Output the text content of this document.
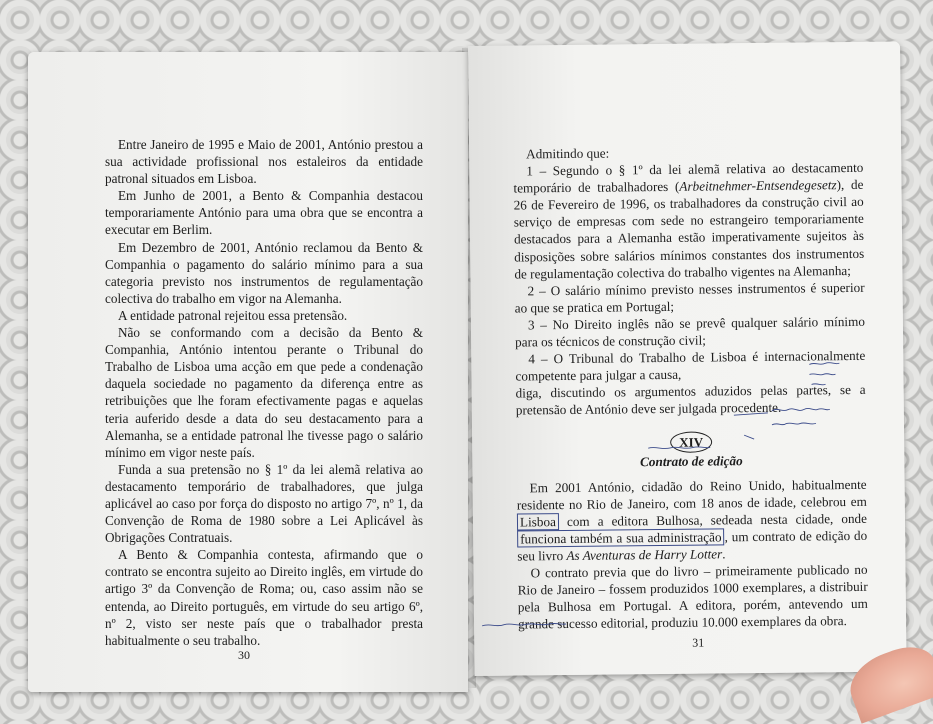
Entre Janeiro de 1995 e Maio de 2001, António prestou a sua actividade profissional nos estaleiros da entidade patronal situados em Lisboa.

Em Junho de 2001, a Bento & Companhia destacou temporariamente António para uma obra que se encontra a executar em Berlim.

Em Dezembro de 2001, António reclamou da Bento & Companhia o pagamento do salário mínimo para a sua categoria previsto nos instrumentos de regulamentação colectiva do trabalho em vigor na Alemanha.

A entidade patronal rejeitou essa pretensão.

Não se conformando com a decisão da Bento & Companhia, António intentou perante o Tribunal do Trabalho de Lisboa uma acção em que pede a condenação daquela sociedade no pagamento da diferença entre as retribuições que lhe foram efectivamente pagas e aquelas teria auferido desde a data do seu destacamento para a Alemanha, se a entidade patronal lhe tivesse pago o salário mínimo em vigor neste país.

Funda a sua pretensão no § 1º da lei alemã relativa ao destacamento temporário de trabalhadores, que julga aplicável ao caso por força do disposto no artigo 7º, nº 1, da Convenção de Roma de 1980 sobre a Lei Aplicável às Obrigações Contratuais.

A Bento & Companhia contesta, afirmando que o contrato se encontra sujeito ao Direito inglês, em virtude do artigo 3º da Convenção de Roma; ou, caso assim não se entenda, ao Direito português, em virtude do seu artigo 6º, nº 2, visto ser neste país que o trabalhador presta habitualmente o seu trabalho.

30

Admitindo que:

1 – Segundo o § 1º da lei alemã relativa ao destacamento temporário de trabalhadores (Arbeitnehmer-Entsendegesetz), de 26 de Fevereiro de 1996, os trabalhadores da construção civil ao serviço de empresas com sede no estrangeiro temporariamente destacados para a Alemanha estão imperativamente sujeitos às disposições sobre salários mínimos constantes dos instrumentos de regulamentação colectiva do trabalho vigentes na Alemanha;

2 – O salário mínimo previsto nesses instrumentos é superior ao que se pratica em Portugal;

3 – No Direito inglês não se prevê qualquer salário mínimo para os técnicos de construção civil;

4 – O Tribunal do Trabalho de Lisboa é internacionalmente competente para julgar a causa,

diga, discutindo os argumentos aduzidos pelas partes, se a pretensão de António deve ser julgada procedente.

XIV
Contrato de edição

Em 2001 António, cidadão do Reino Unido, habitualmente residente no Rio de Janeiro, com 18 anos de idade, celebrou em Lisboa com a editora Bulhosa, sedeada nesta cidade, onde funciona também a sua administração , um contrato de edição do seu livro As Aventuras de Harry Lotter.

O contrato previa que do livro – primeiramente publicado no Rio de Janeiro – fossem produzidos 1000 exemplares, a distribuir pela Bulhosa em Portugal. A editora, porém, antevendo um grande sucesso editorial, produziu 10.000 exemplares da obra.

31
